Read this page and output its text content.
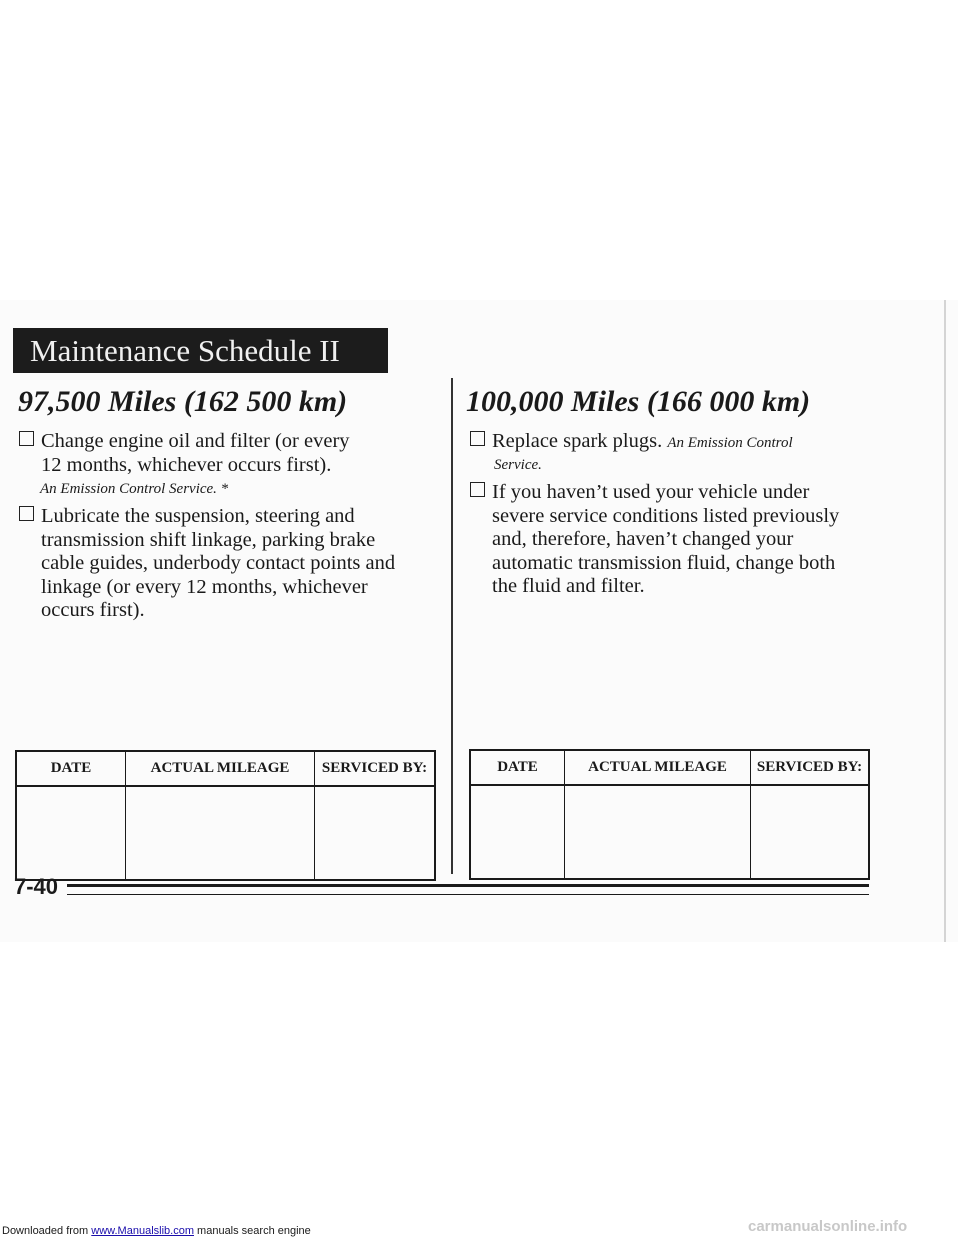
Maintenance Schedule II
97,500 Miles (162 500 km)
Change engine oil and filter (or every
12 months, whichever occurs first).
An Emission Control Service. *
Lubricate the suspension, steering and
transmission shift linkage, parking brake
cable guides, underbody contact points and
linkage (or every 12 months, whichever
occurs first).
DATE	ACTUAL MILEAGE	SERVICED BY:

100,000 Miles (166 000 km)
Replace spark plugs. An Emission Control
Service.
If you haven’t used your vehicle under
severe service conditions listed previously
and, therefore, haven’t changed your
automatic transmission fluid, change both
the fluid and filter.
DATE	ACTUAL MILEAGE	SERVICED BY:

7-40
Downloaded from www.Manualslib.com manuals search engine	carmanualsonline.info
